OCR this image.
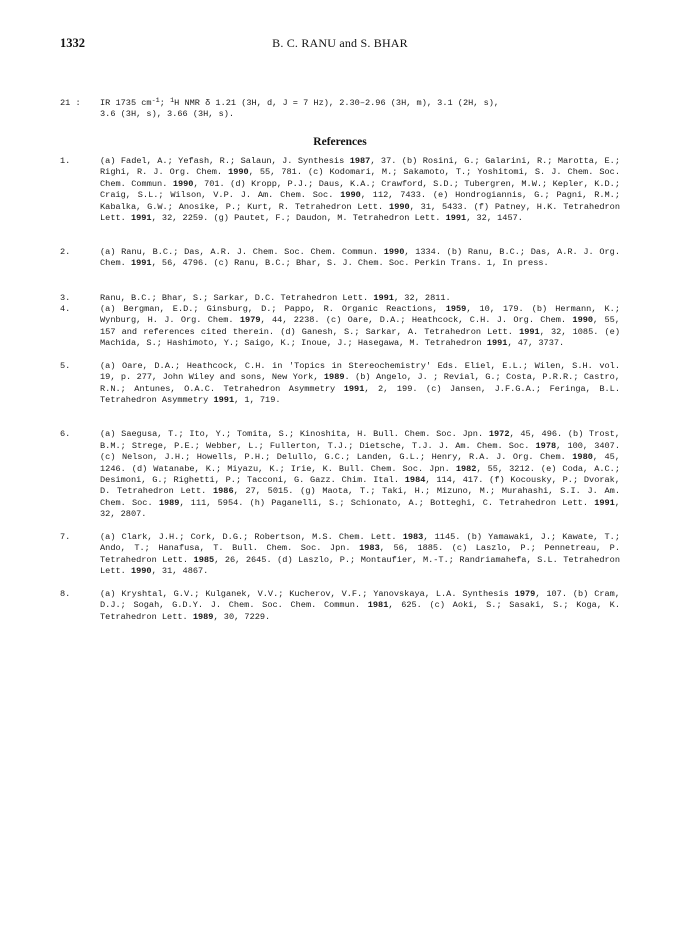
1332	B. C. RANU and S. BHAR
21 :	IR 1735 $cm^{-1}$; $^1$H NMR δ 1.21 (3H, d, J = 7 Hz), 2.30–2.96 (3H, m), 3.1 (2H, s),
3.6 (3H, s), 3.66 (3H, s).
References
1.	(a) Fadel, A.; Yefash, R.; Salaun, J. Synthesis 1987, 37. (b) Rosini, G.; Galarini, R.; Marotta, E.; Righi, R. J. Org. Chem. 1990, 55, 781. (c) Kodomari, M.; Sakamoto, T.; Yoshitomi, S. J. Chem. Soc. Chem. Commun. 1990, 701. (d) Kropp, P.J.; Daus, K.A.; Crawford, S.D.; Tubergren, M.W.; Kepler, K.D.; Craig, S.L.; Wilson, V.P. J. Am. Chem. Soc. 1990, 112, 7433. (e) Hondrogiannis, G.; Pagni, R.M.; Kabalka, G.W.; Anosike, P.; Kurt, R. Tetrahedron Lett. 1990, 31, 5433. (f) Patney, H.K. Tetrahedron Lett. 1991, 32, 2259. (g) Pautet, F.; Daudon, M. Tetrahedron Lett. 1991, 32, 1457.
2.	(a) Ranu, B.C.; Das, A.R. J. Chem. Soc. Chem. Commun. 1990, 1334. (b) Ranu, B.C.; Das, A.R. J. Org. Chem. 1991, 56, 4796. (c) Ranu, B.C.; Bhar, S. J. Chem. Soc. Perkin Trans. 1, In press.
3.	Ranu, B.C.; Bhar, S.; Sarkar, D.C. Tetrahedron Lett. 1991, 32, 2811.
4.	(a) Bergman, E.D.; Ginsburg, D.; Pappo, R. Organic Reactions, 1959, 10, 179. (b) Hermann, K.; Wynburg, H. J. Org. Chem. 1979, 44, 2238. (c) Oare, D.A.; Heathcock, C.H. J. Org. Chem. 1990, 55, 157 and references cited therein. (d) Ganesh, S.; Sarkar, A. Tetrahedron Lett. 1991, 32, 1085. (e) Machida, S.; Hashimoto, Y.; Saigo, K.; Inoue, J.; Hasegawa, M. Tetrahedron 1991, 47, 3737.
5.	(a) Oare, D.A.; Heathcock, C.H. in 'Topics in Stereochemistry' Eds. Eliel, E.L.; Wilen, S.H. vol. 19, p. 277, John Wiley and sons, New York, 1989. (b) Angelo, J. ; Revial, G.; Costa, P.R.R.; Castro, R.N.; Antunes, O.A.C. Tetrahedron Asymmetry 1991, 2, 199. (c) Jansen, J.F.G.A.; Feringa, B.L. Tetrahedron Asymmetry 1991, 1, 719.
6.	(a) Saegusa, T.; Ito, Y.; Tomita, S.; Kinoshita, H. Bull. Chem. Soc. Jpn. 1972, 45, 496. (b) Trost, B.M.; Strege, P.E.; Webber, L.; Fullerton, T.J.; Dietsche, T.J. J. Am. Chem. Soc. 1978, 100, 3407. (c) Nelson, J.H.; Howells, P.H.; Delullo, G.C.; Landen, G.L.; Henry, R.A. J. Org. Chem. 1980, 45, 1246. (d) Watanabe, K.; Miyazu, K.; Irie, K. Bull. Chem. Soc. Jpn. 1982, 55, 3212. (e) Coda, A.C.; Desimoni, G.; Righetti, P.; Tacconi, G. Gazz. Chim. Ital. 1984, 114, 417. (f) Kocousky, P.; Dvorak, D. Tetrahedron Lett. 1986, 27, 5015. (g) Maota, T.; Taki, H.; Mizuno, M.; Murahashi, S.I. J. Am. Chem. Soc. 1989, 111, 5954. (h) Paganelli, S.; Schionato, A.; Botteghi, C. Tetrahedron Lett. 1991, 32, 2807.
7.	(a) Clark, J.H.; Cork, D.G.; Robertson, M.S. Chem. Lett. 1983, 1145. (b) Yamawaki, J.; Kawate, T.; Ando, T.; Hanafusa, T. Bull. Chem. Soc. Jpn. 1983, 56, 1885. (c) Laszlo, P.; Pennetreau, P. Tetrahedron Lett. 1985, 26, 2645. (d) Laszlo, P.; Montaufier, M.-T.; Randriamahefa, S.L. Tetrahedron Lett. 1990, 31, 4867.
8.	(a) Kryshtal, G.V.; Kulganek, V.V.; Kucherov, V.F.; Yanovskaya, L.A. Synthesis 1979, 107. (b) Cram, D.J.; Sogah, G.D.Y. J. Chem. Soc. Chem. Commun. 1981, 625. (c) Aoki, S.; Sasaki, S.; Koga, K. Tetrahedron Lett. 1989, 30, 7229.
